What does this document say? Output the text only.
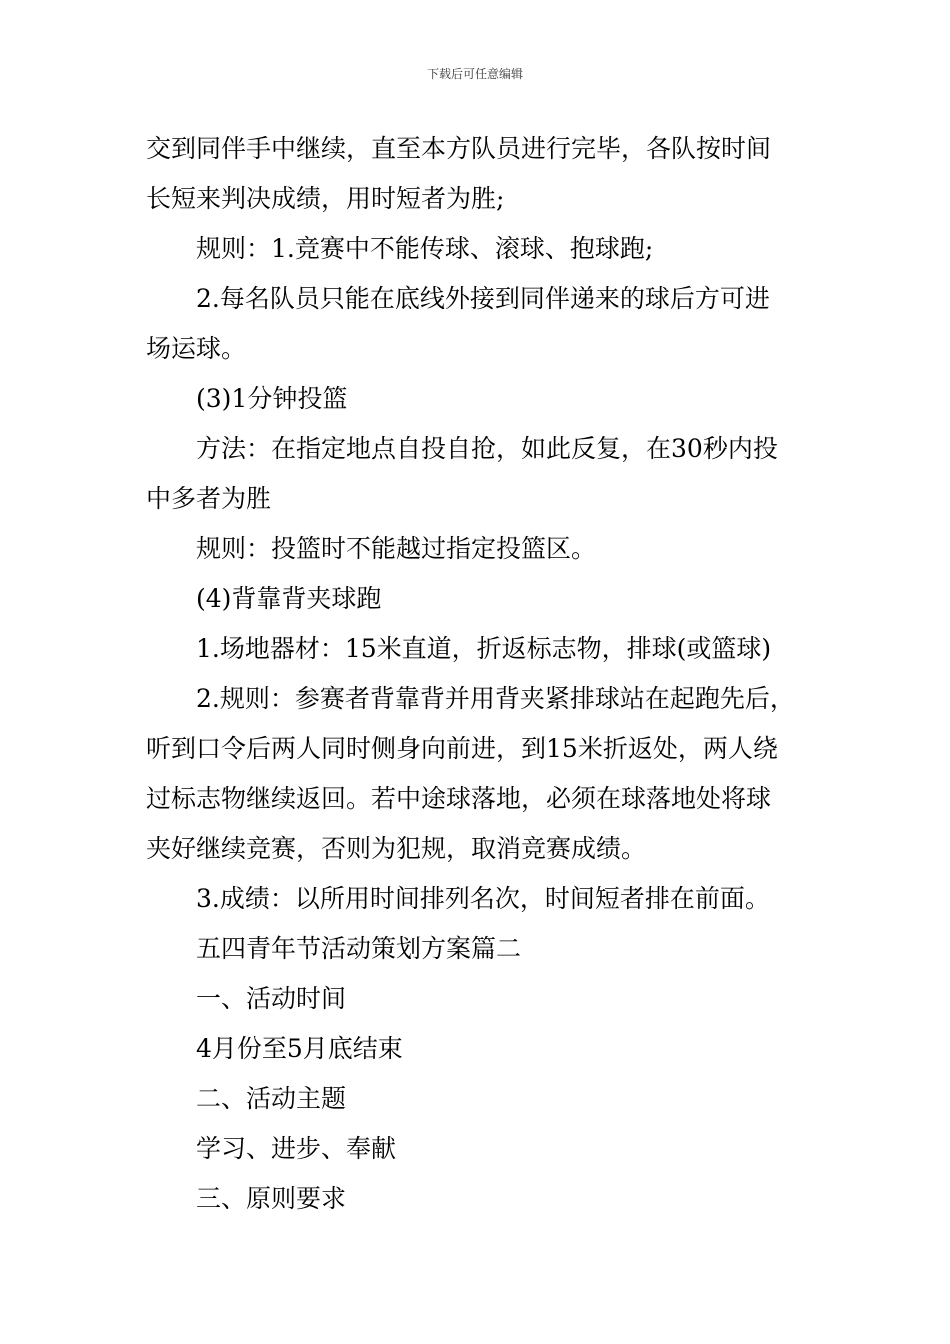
下载后可任意编辑

交到同伴手中继续，直至本方队员进行完毕，各队按时间

长短来判决成绩，用时短者为胜;

规则：1.竞赛中不能传球、滚球、抱球跑;

2.每名队员只能在底线外接到同伴递来的球后方可进

场运球。

(3)1分钟投篮

方法：在指定地点自投自抢，如此反复，在30秒内投

中多者为胜

规则：投篮时不能越过指定投篮区。

(4)背靠背夹球跑

1.场地器材：15米直道，折返标志物，排球(或篮球)

2.规则：参赛者背靠背并用背夹紧排球站在起跑先后，

听到口令后两人同时侧身向前进，到15米折返处，两人绕

过标志物继续返回。若中途球落地，必须在球落地处将球

夹好继续竞赛，否则为犯规，取消竞赛成绩。

3.成绩：以所用时间排列名次，时间短者排在前面。

五四青年节活动策划方案篇二

一、活动时间

4月份至5月底结束

二、活动主题

学习、进步、奉献

三、原则要求
